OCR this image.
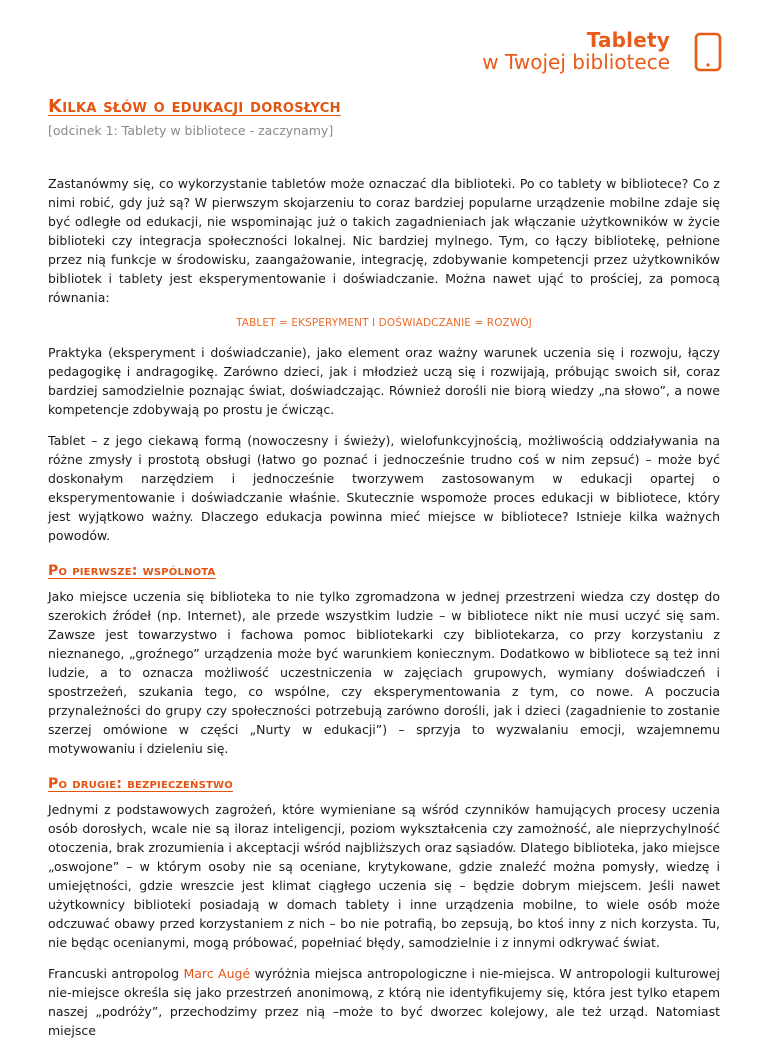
Tablety
w Twojej bibliotece
Kilka słów o edukacji dorosłych
[odcinek 1: Tablety w bibliotece - zaczynamy]

Zastanówmy się, co wykorzystanie tabletów może oznaczać dla biblioteki. Po co tablety w bibliotece? Co z nimi robić, gdy już są? W pierwszym skojarzeniu to coraz bardziej popularne urządzenie mobilne zdaje się być odległe od edukacji, nie wspominając już o takich zagadnieniach jak włączanie użytkowników w życie biblioteki czy integracja społeczności lokalnej. Nic bardziej mylnego. Tym, co łączy bibliotekę, pełnione przez nią funkcje w środowisku, zaangażowanie, integrację, zdobywanie kompetencji przez użytkowników bibliotek i tablety jest eksperymentowanie i doświadczanie. Można nawet ująć to prościej, za pomocą równania:

TABLET = EKSPERYMENT I DOŚWIADCZANIE = ROZWÓJ

Praktyka (eksperyment i doświadczanie), jako element oraz ważny warunek uczenia się i rozwoju, łączy pedagogikę i andragogikę. Zarówno dzieci, jak i młodzież uczą się i rozwijają, próbując swoich sił, coraz bardziej samodzielnie poznając świat, doświadczając. Również dorośli nie biorą wiedzy „na słowo”, a nowe kompetencje zdobywają po prostu je ćwicząc.

Tablet – z jego ciekawą formą (nowoczesny i świeży), wielofunkcyjnością, możliwością oddziaływania na różne zmysły i prostotą obsługi (łatwo go poznać i jednocześnie trudno coś w nim zepsuć) – może być doskonałym narzędziem i jednocześnie tworzywem zastosowanym w edukacji opartej o eksperymentowanie i doświadczanie właśnie. Skutecznie wspomoże proces edukacji w bibliotece, który jest wyjątkowo ważny. Dlaczego edukacja powinna mieć miejsce w bibliotece? Istnieje kilka ważnych powodów.

Po pierwsze: wspólnota

Jako miejsce uczenia się biblioteka to nie tylko zgromadzona w jednej przestrzeni wiedza czy dostęp do szerokich źródeł (np. Internet), ale przede wszystkim ludzie – w bibliotece nikt nie musi uczyć się sam. Zawsze jest towarzystwo i fachowa pomoc bibliotekarki czy bibliotekarza, co przy korzystaniu z nieznanego, „groźnego” urządzenia może być warunkiem koniecznym. Dodatkowo w bibliotece są też inni ludzie, a to oznacza możliwość uczestniczenia w zajęciach grupowych, wymiany doświadczeń i spostrzeżeń, szukania tego, co wspólne, czy eksperymentowania z tym, co nowe. A poczucia przynależności do grupy czy społeczności potrzebują zarówno dorośli, jak i dzieci (zagadnienie to zostanie szerzej omówione w części „Nurty w edukacji”) – sprzyja to wyzwalaniu emocji, wzajemnemu motywowaniu i dzieleniu się.

Po drugie: bezpieczeństwo

Jednymi z podstawowych zagrożeń, które wymieniane są wśród czynników hamujących procesy uczenia osób dorosłych, wcale nie są iloraz inteligencji, poziom wykształcenia czy zamożność, ale nieprzychylność otoczenia, brak zrozumienia i akceptacji wśród najbliższych oraz sąsiadów. Dlatego biblioteka, jako miejsce „oswojone” – w którym osoby nie są oceniane, krytykowane, gdzie znaleźć można pomysły, wiedzę i umiejętności, gdzie wreszcie jest klimat ciągłego uczenia się – będzie dobrym miejscem. Jeśli nawet użytkownicy biblioteki posiadają w domach tablety i inne urządzenia mobilne, to wiele osób może odczuwać obawy przed korzystaniem z nich – bo nie potrafią, bo zepsują, bo ktoś inny z nich korzysta. Tu, nie będąc ocenianymi, mogą próbować, popełniać błędy, samodzielnie i z innymi odkrywać świat.

Francuski antropolog Marc Augé wyróżnia miejsca antropologiczne i nie-miejsca. W antropologii kulturowej nie-miejsce określa się jako przestrzeń anonimową, z którą nie identyfikujemy się, która jest tylko etapem naszej „podróży”, przechodzimy przez nią –może to być dworzec kolejowy, ale też urząd. Natomiast miejsce
